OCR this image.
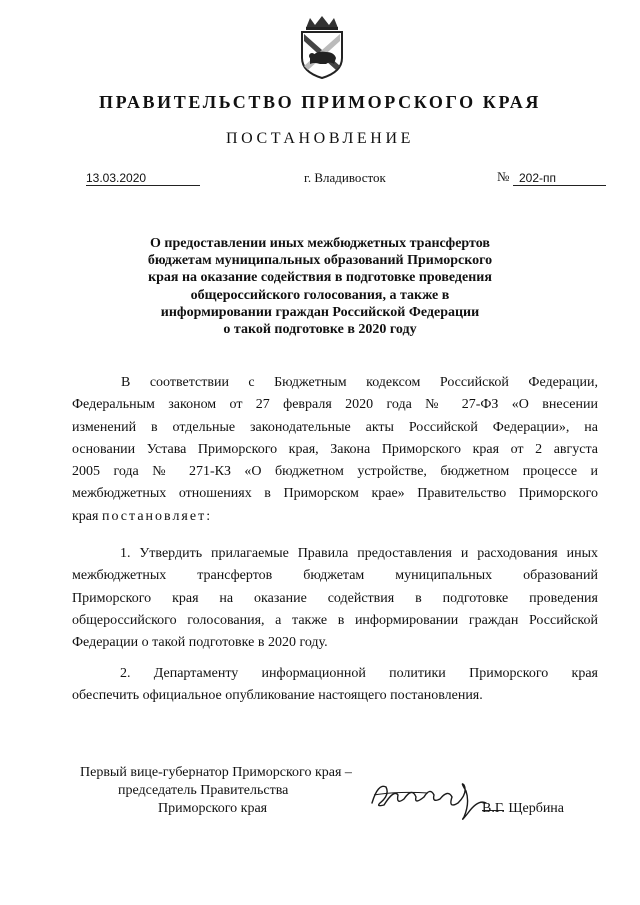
ПРАВИТЕЛЬСТВО ПРИМОРСКОГО КРАЯ
ПОСТАНОВЛЕНИЕ
13.03.2020	г. Владивосток	№ 202-пп
О предоставлении иных межбюджетных трансфертов
бюджетам муниципальных образований Приморского
края на оказание содействия в подготовке проведения
общероссийского голосования, а также в
информировании граждан Российской Федерации
о такой подготовке в 2020 году
В соответствии с Бюджетным кодексом Российской Федерации,
Федеральным законом от 27 февраля 2020 года № 27-ФЗ «О внесении
изменений в отдельные законодательные акты Российской Федерации», на
основании Устава Приморского края, Закона Приморского края от 2 августа
2005 года № 271-КЗ «О бюджетном устройстве, бюджетном процессе и
межбюджетных отношениях в Приморском крае» Правительство Приморского
края постановляет:
1. Утвердить прилагаемые Правила предоставления и расходования иных
межбюджетных трансфертов бюджетам муниципальных образований
Приморского края на оказание содействия в подготовке проведения
общероссийского голосования, а также в информировании граждан Российской
Федерации о такой подготовке в 2020 году.
2. Департаменту информационной политики Приморского края
обеспечить официальное опубликование настоящего постановления.
Первый вице-губернатор Приморского края –
председатель Правительства
Приморского края	В.Г. Щербина
